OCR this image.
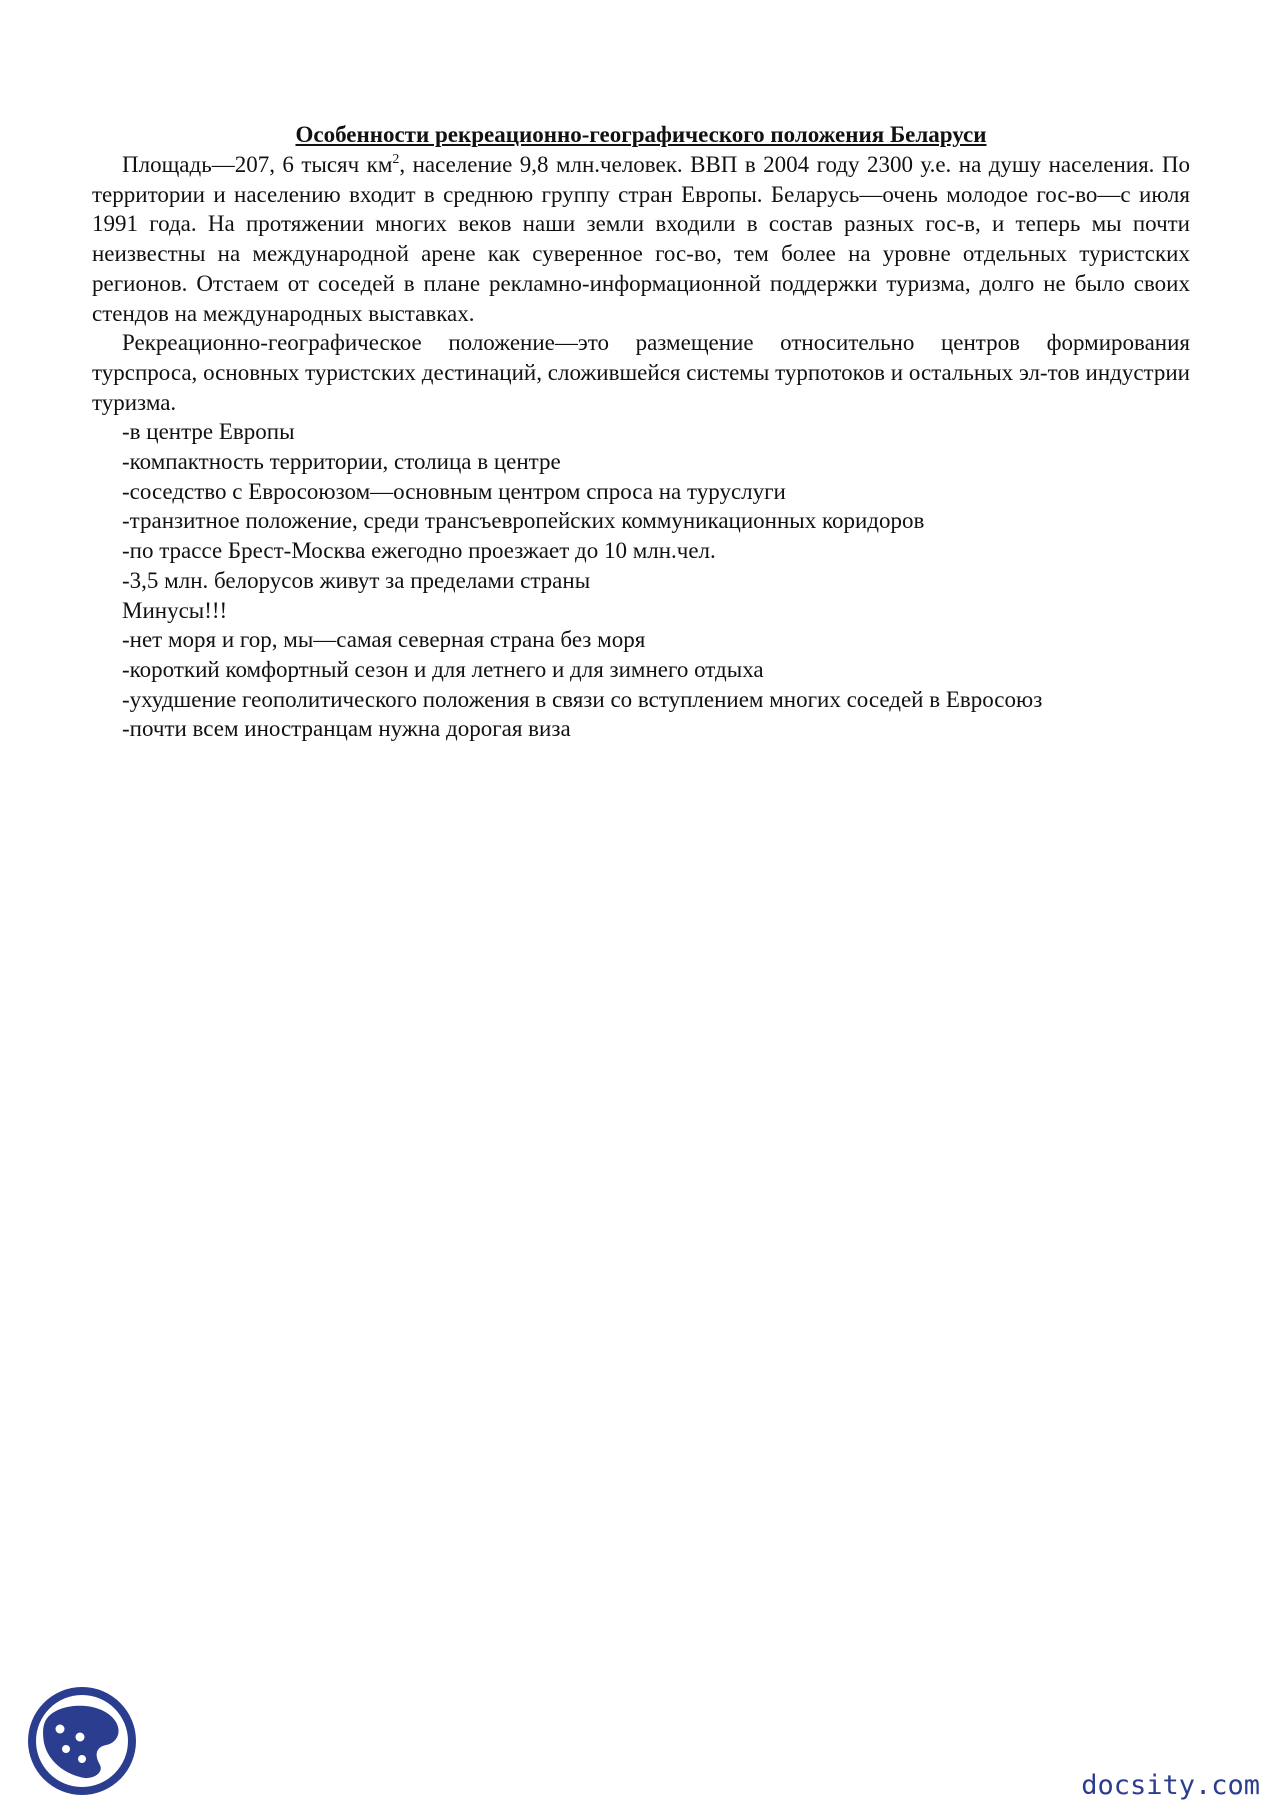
Особенности рекреационно-географического положения Беларуси

Площадь—207, 6 тысяч $км^2$, население 9,8 млн.человек. ВВП в 2004 году 2300 у.е. на душу населения. По территории и населению входит в среднюю группу стран Европы. Беларусь—очень молодое гос-во—с июля 1991 года. На протяжении многих веков наши земли входили в состав разных гос-в, и теперь мы почти неизвестны на международной арене как суверенное гос-во, тем более на уровне отдельных туристских регионов. Отстаем от соседей в плане рекламно-информационной поддержки туризма, долго не было своих стендов на международных выставках.

Рекреационно-географическое положение—это размещение относительно центров формирования турспроса, основных туристских дестинаций, сложившейся системы турпотоков и остальных эл-тов индустрии туризма.

-в центре Европы

-компактность территории, столица в центре

-соседство с Евросоюзом—основным центром спроса на туруслуги

-транзитное положение, среди трансъевропейских коммуникационных коридоров

-по трассе Брест-Москва ежегодно проезжает до 10 млн.чел.

-3,5 млн. белорусов живут за пределами страны

Минусы!!!

-нет моря и гор, мы—самая северная страна без моря

-короткий комфортный сезон и для летнего и для зимнего отдыха

-ухудшение геополитического положения в связи со вступлением многих соседей в Евросоюз

-почти всем иностранцам нужна дорогая виза

docsity.com
